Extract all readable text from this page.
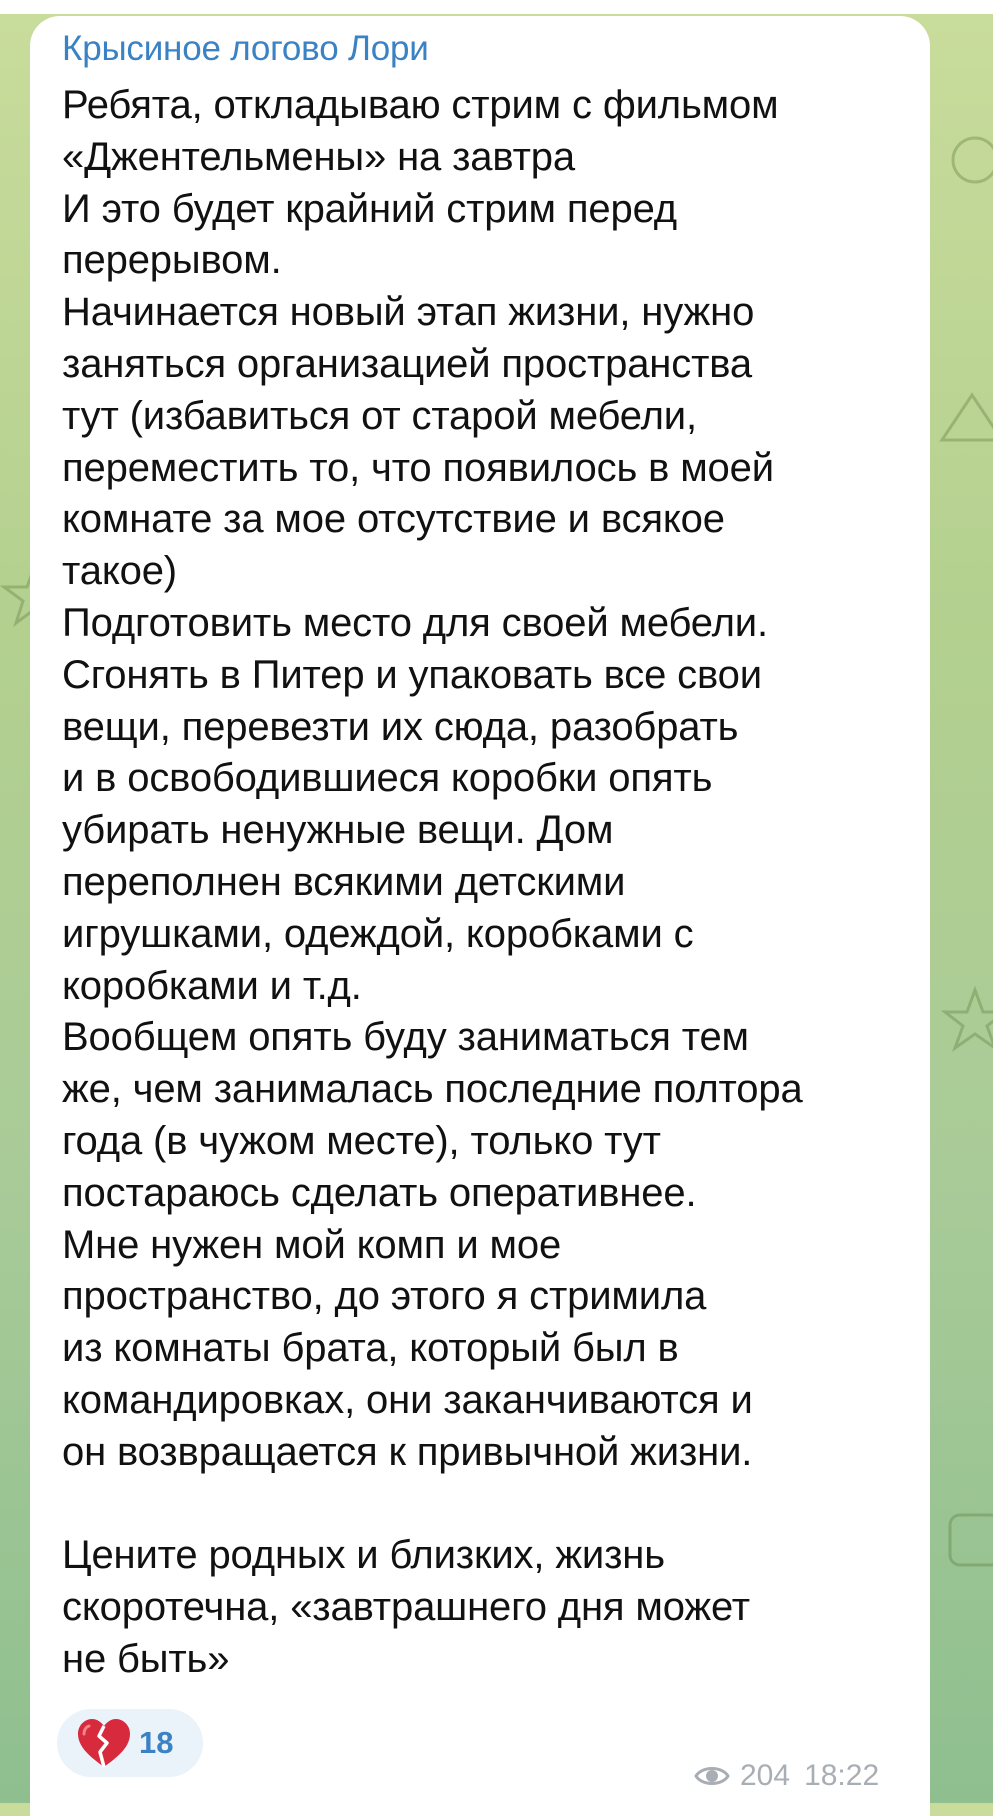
Крысиное логово Лори
Ребята, откладываю стрим с фильмом
«Джентельмены» на завтра
И это будет крайний стрим перед
перерывом.
Начинается новый этап жизни, нужно
заняться организацией пространства
тут (избавиться от старой мебели,
переместить то, что появилось в моей
комнате за мое отсутствие и всякое
такое)
Подготовить место для своей мебели.
Сгонять в Питер и упаковать все свои
вещи, перевезти их сюда, разобрать
и в освободившиеся коробки опять
убирать ненужные вещи. Дом
переполнен всякими детскими
игрушками, одеждой, коробками с
коробками и т.д.
Вообщем опять буду заниматься тем
же, чем занималась последние полтора
года (в чужом месте), только тут
постараюсь сделать оперативнее.
Мне нужен мой комп и мое
пространство, до этого я стримила
из комнаты брата, который был в
командировках, они заканчиваются и
он возвращается к привычной жизни.

Цените родных и близких, жизнь
скоротечна, «завтрашнего дня может
не быть»
18
204 18:22
